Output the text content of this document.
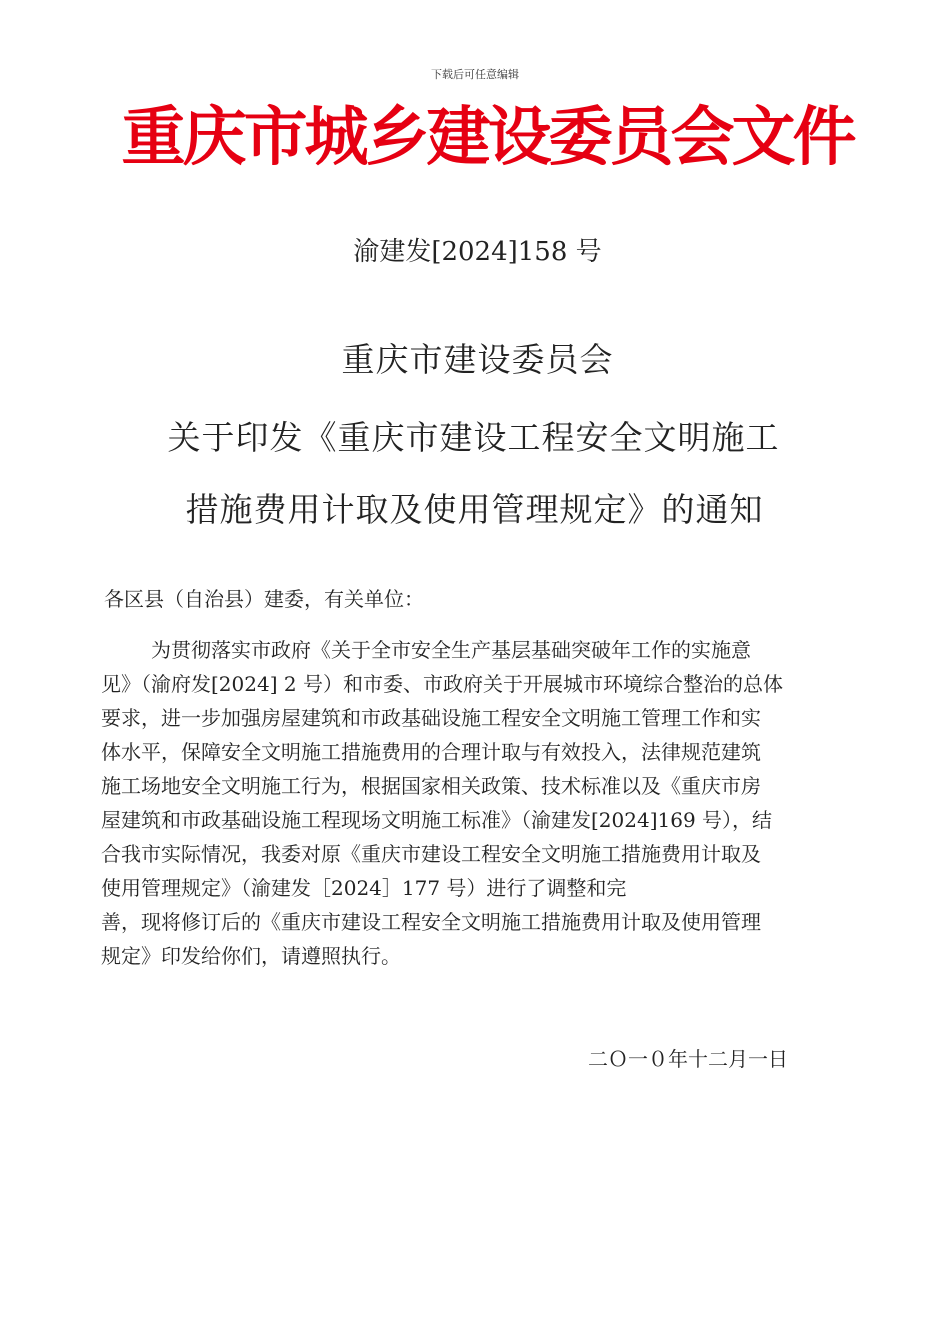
下载后可任意编辑
重庆市城乡建设委员会文件
渝建发[2024]158 号
重庆市建设委员会
关于印发《重庆市建设工程安全文明施工
措施费用计取及使用管理规定》的通知
各区县（自治县）建委，有关单位：
为贯彻落实市政府《关于全市安全生产基层基础突破年工作的实施意
见》（渝府发[2024] 2 号）和市委、市政府关于开展城市环境综合整治的总体
要求，进一步加强房屋建筑和市政基础设施工程安全文明施工管理工作和实
体水平，保障安全文明施工措施费用的合理计取与有效投入，法律规范建筑
施工场地安全文明施工行为，根据国家相关政策、技术标准以及《重庆市房
屋建筑和市政基础设施工程现场文明施工标准》（渝建发[2024]169 号），结
合我市实际情况，我委对原《重庆市建设工程安全文明施工措施费用计取及
使用管理规定》（渝建发［2024］177 号）进行了调整和完
善，现将修订后的《重庆市建设工程安全文明施工措施费用计取及使用管理
规定》印发给你们，请遵照执行。
二Ｏ一０年十二月一日
